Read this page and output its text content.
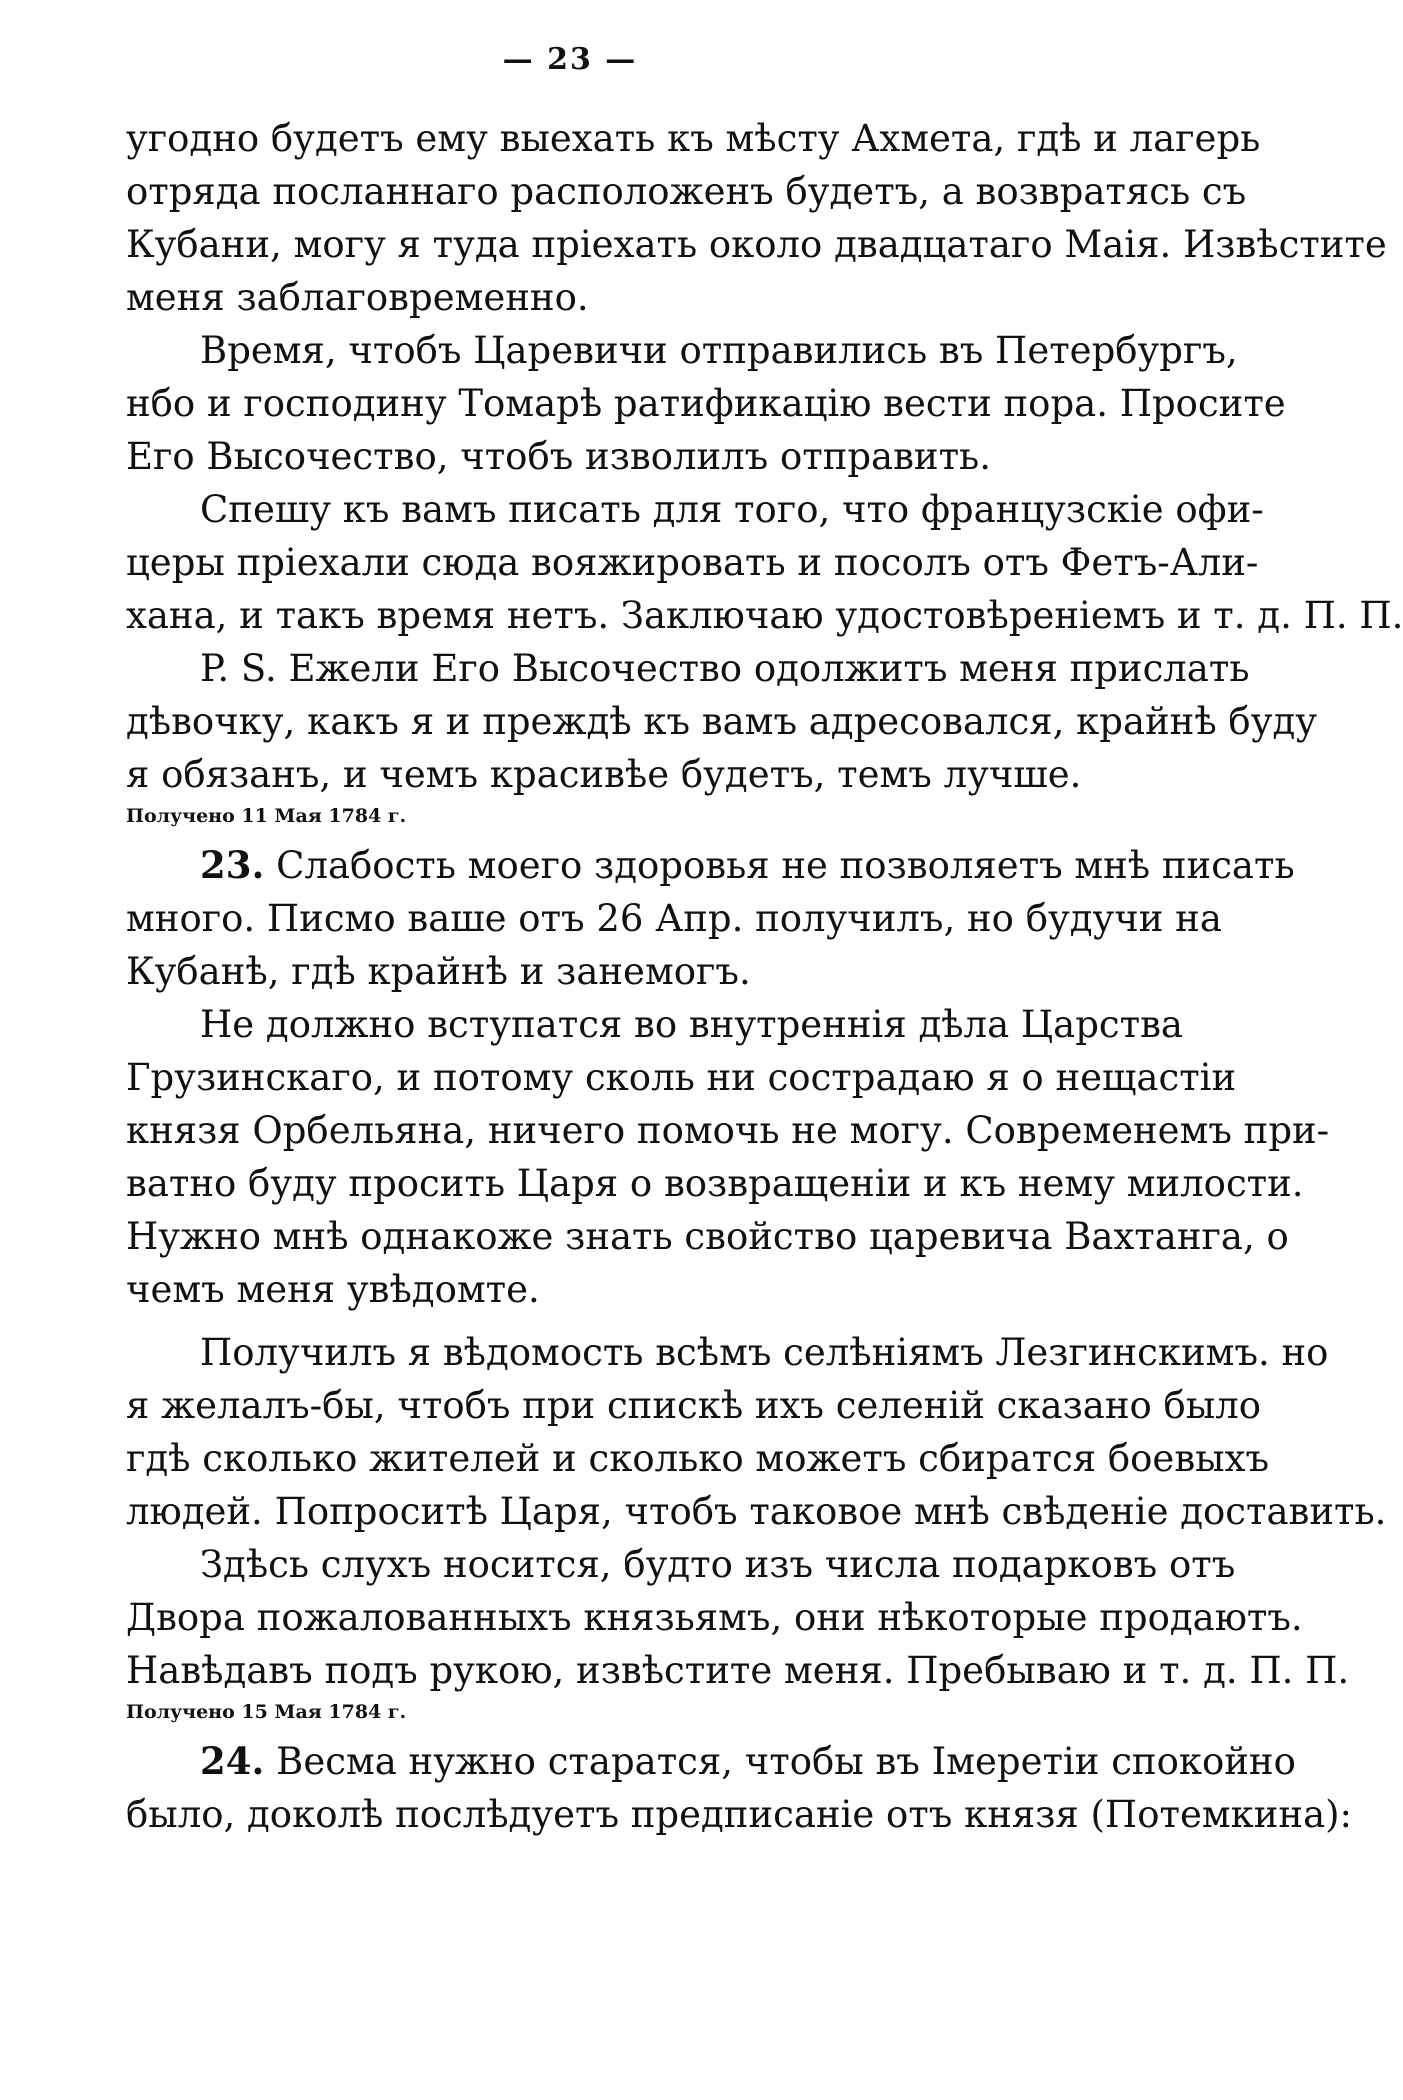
— 23 —
угодно будетъ ему выехать къ мѣсту Ахмета, гдѣ и лагерь
отряда посланнаго расположенъ будетъ, а возвратясь съ
Кубани, могу я туда пріехать около двадцатаго Маія. Извѣстите
меня заблаговременно.
Время, чтобъ Царевичи отправились въ Петербургъ,
нбо и господину Томарѣ ратификацію вести пора. Просите
Его Высочество, чтобъ изволилъ отправить.
Спешу къ вамъ писать для того, что французскіе офи-
церы пріехали сюда вояжировать и посолъ отъ Фетъ-Али-
хана, и такъ время нетъ. Заключаю удостовѣреніемъ и т. д. П. П.
P. S. Ежели Его Высочество одолжитъ меня прислать
дѣвочку, какъ я и преждѣ къ вамъ адресовался, крайнѣ буду
я обязанъ, и чемъ красивѣе будетъ, темъ лучше.
Получено 11 Мая 1784 г.
23. Слабость моего здоровья не позволяетъ мнѣ писать
много. Писмо ваше отъ 26 Апр. получилъ, но будучи на
Кубанѣ, гдѣ крайнѣ и занемогъ.
Не должно вступатся во внутреннія дѣла Царства
Грузинскаго, и потому сколь ни сострадаю я о нещастіи
князя Орбельяна, ничего помочь не могу. Современемъ при-
ватно буду просить Царя о возвращеніи и къ нему милости.
Нужно мнѣ однакоже знать свойство царевича Вахтанга, о
чемъ меня увѣдомте.
Получилъ я вѣдомость всѣмъ селѣніямъ Лезгинскимъ. но
я желалъ-бы, чтобъ при спискѣ ихъ селеній сказано было
гдѣ сколько жителей и сколько можетъ сбиратся боевыхъ
людей. Попроситѣ Царя, чтобъ таковое мнѣ свѣденіе доставить.
Здѣсь слухъ носится, будто изъ числа подарковъ отъ
Двора пожалованныхъ князьямъ, они нѣкоторые продаютъ.
Навѣдавъ подъ рукою, извѣстите меня. Пребываю и т. д. П. П.
Получено 15 Мая 1784 г.
24. Весма нужно старатся, чтобы въ Імеретіи спокойно
было, доколѣ послѣдуетъ предписаніе отъ князя (Потемкина):
